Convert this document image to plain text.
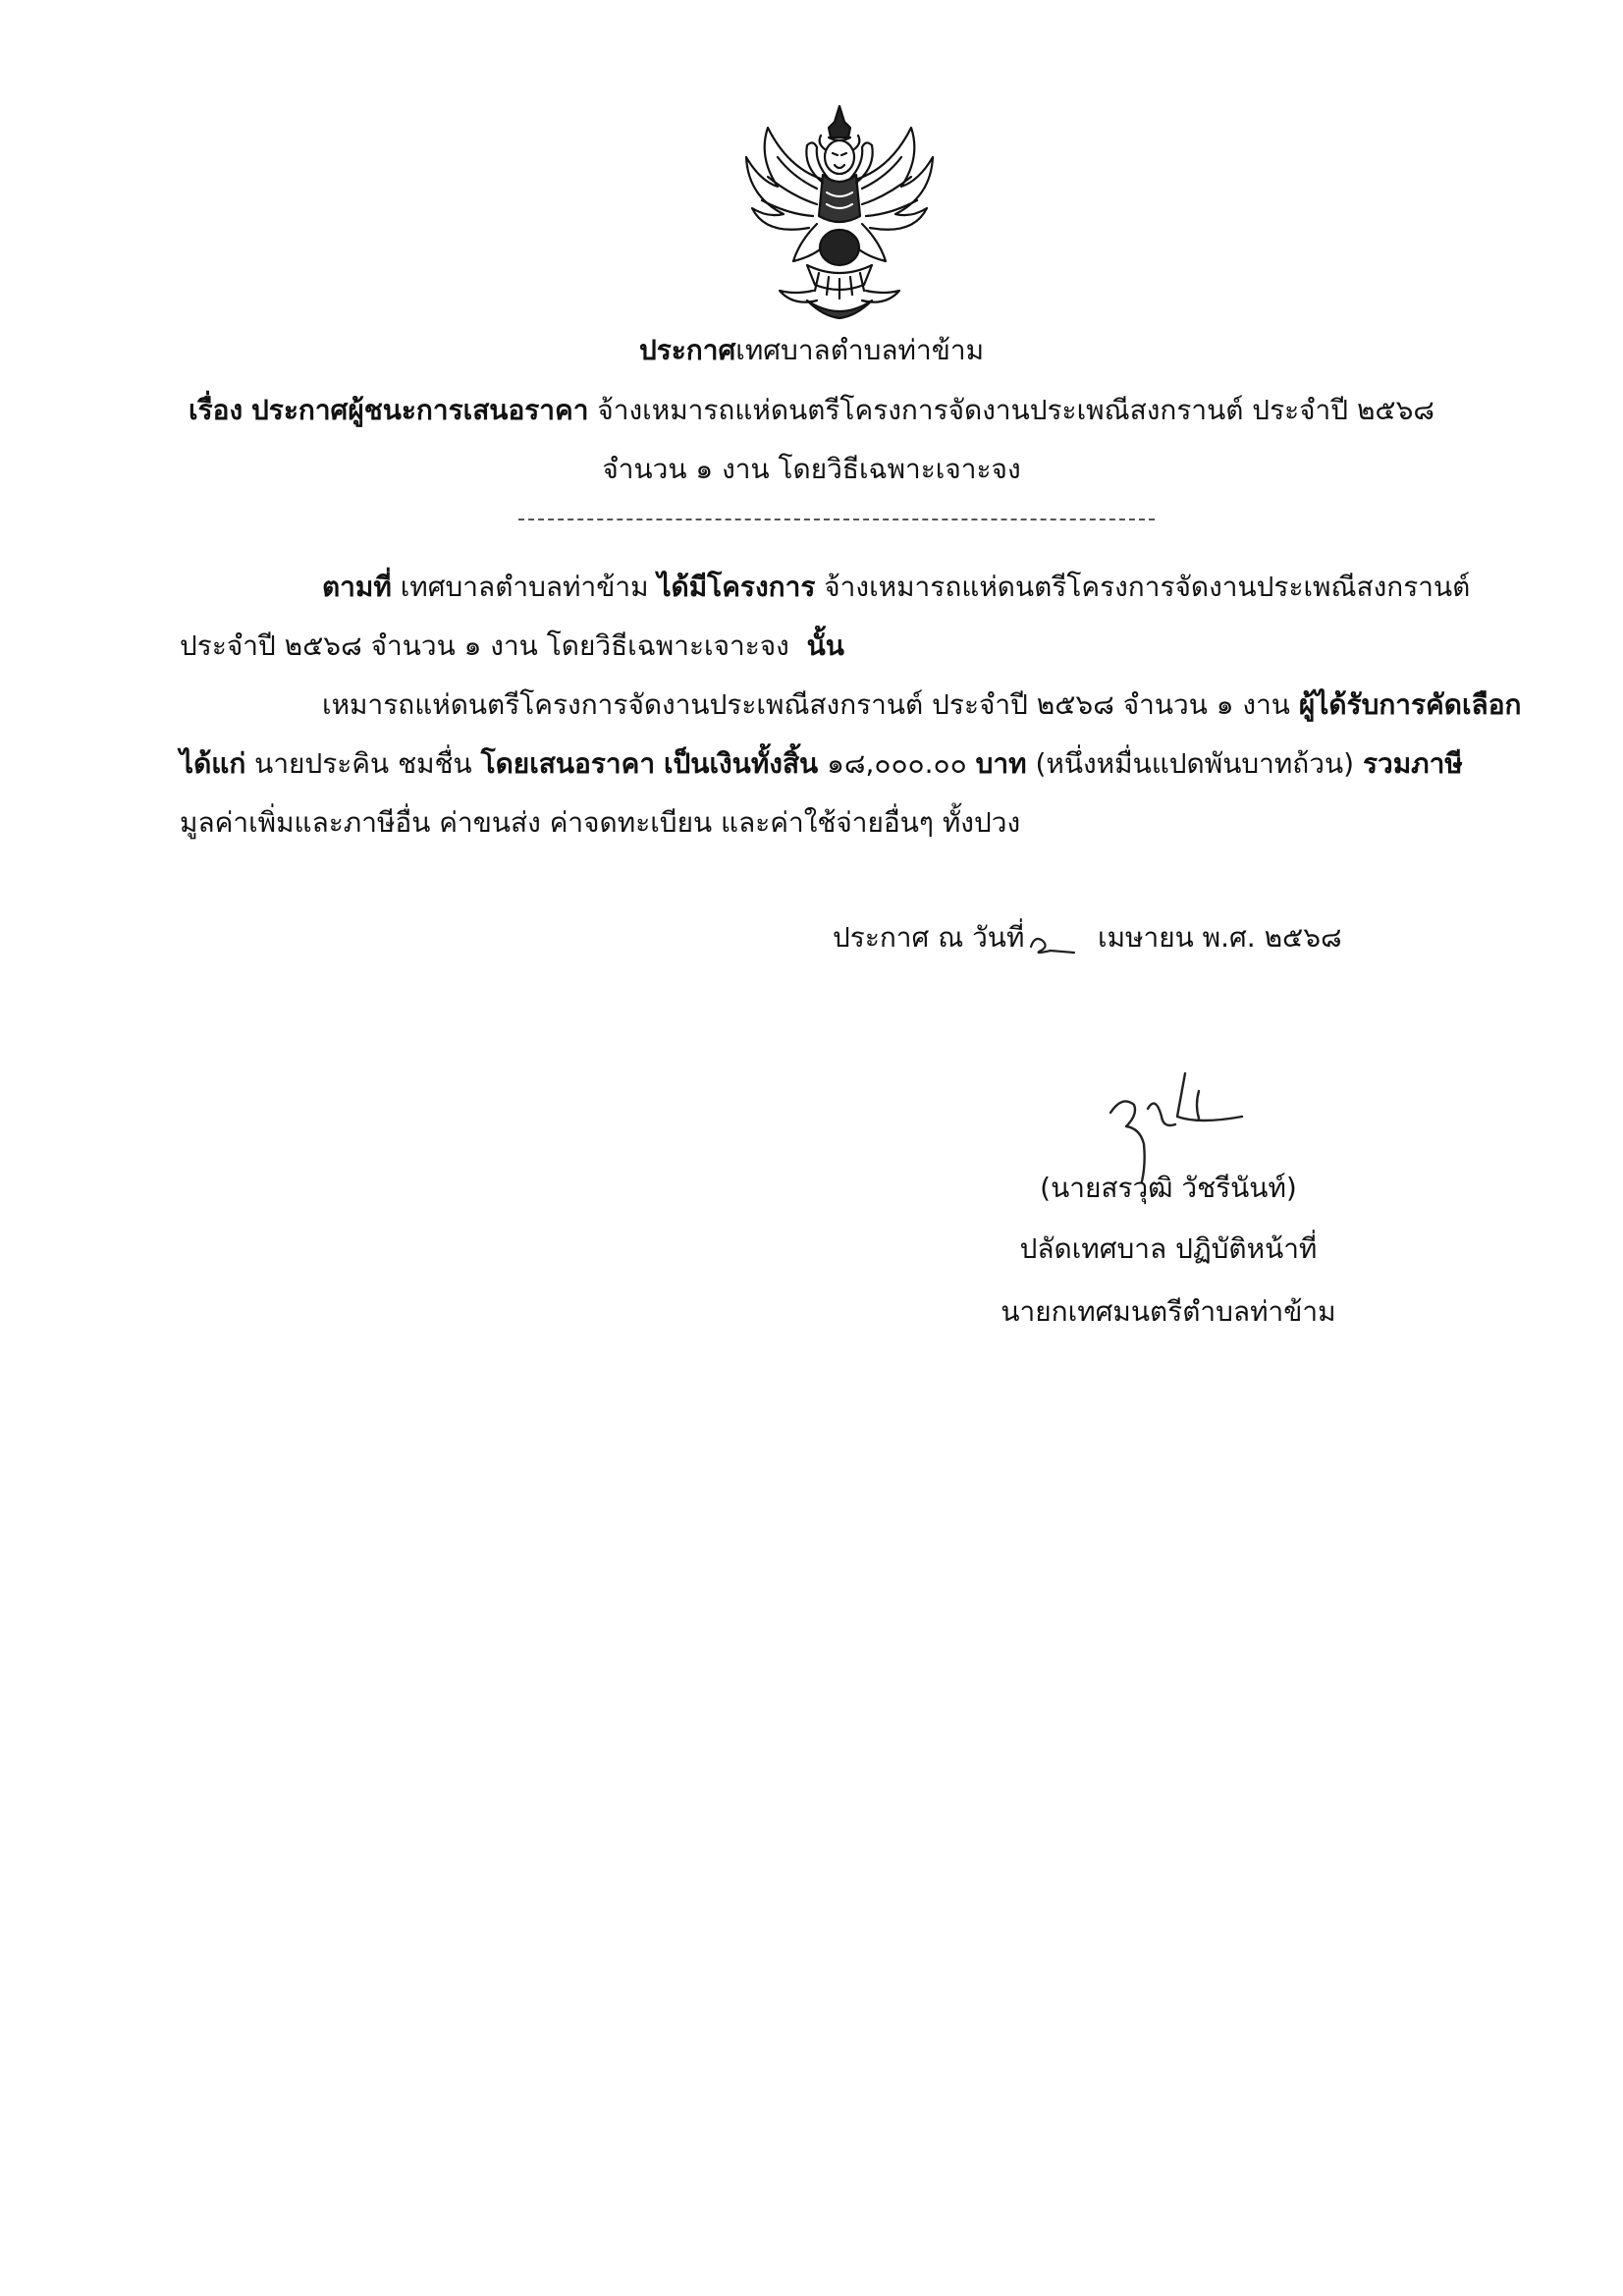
ประกาศเทศบาลตำบลท่าข้าม
เรื่อง ประกาศผู้ชนะการเสนอราคา จ้างเหมารถแห่ดนตรีโครงการจัดงานประเพณีสงกรานต์ ประจำปี ๒๕๖๘
จำนวน ๑ งาน โดยวิธีเฉพาะเจาะจง
ตามที่ เทศบาลตำบลท่าข้าม ได้มีโครงการ จ้างเหมารถแห่ดนตรีโครงการจัดงานประเพณีสงกรานต์
ประจำปี ๒๕๖๘ จำนวน ๑ งาน โดยวิธีเฉพาะเจาะจง นั้น
เหมารถแห่ดนตรีโครงการจัดงานประเพณีสงกรานต์ ประจำปี ๒๕๖๘ จำนวน ๑ งาน ผู้ได้รับการคัดเลือก
ได้แก่ นายประคิน ชมชื่น โดยเสนอราคา เป็นเงินทั้งสิ้น ๑๘,๐๐๐.๐๐ บาท (หนึ่งหมื่นแปดพันบาทถ้วน) รวมภาษี
มูลค่าเพิ่มและภาษีอื่น ค่าขนส่ง ค่าจดทะเบียน และค่าใช้จ่ายอื่นๆ ทั้งปวง
ประกาศ ณ วันที่	เมษายน พ.ศ. ๒๕๖๘
(นายสรวุฒิ วัชรีนันท์)
ปลัดเทศบาล ปฏิบัติหน้าที่
นายกเทศมนตรีตำบลท่าข้าม
